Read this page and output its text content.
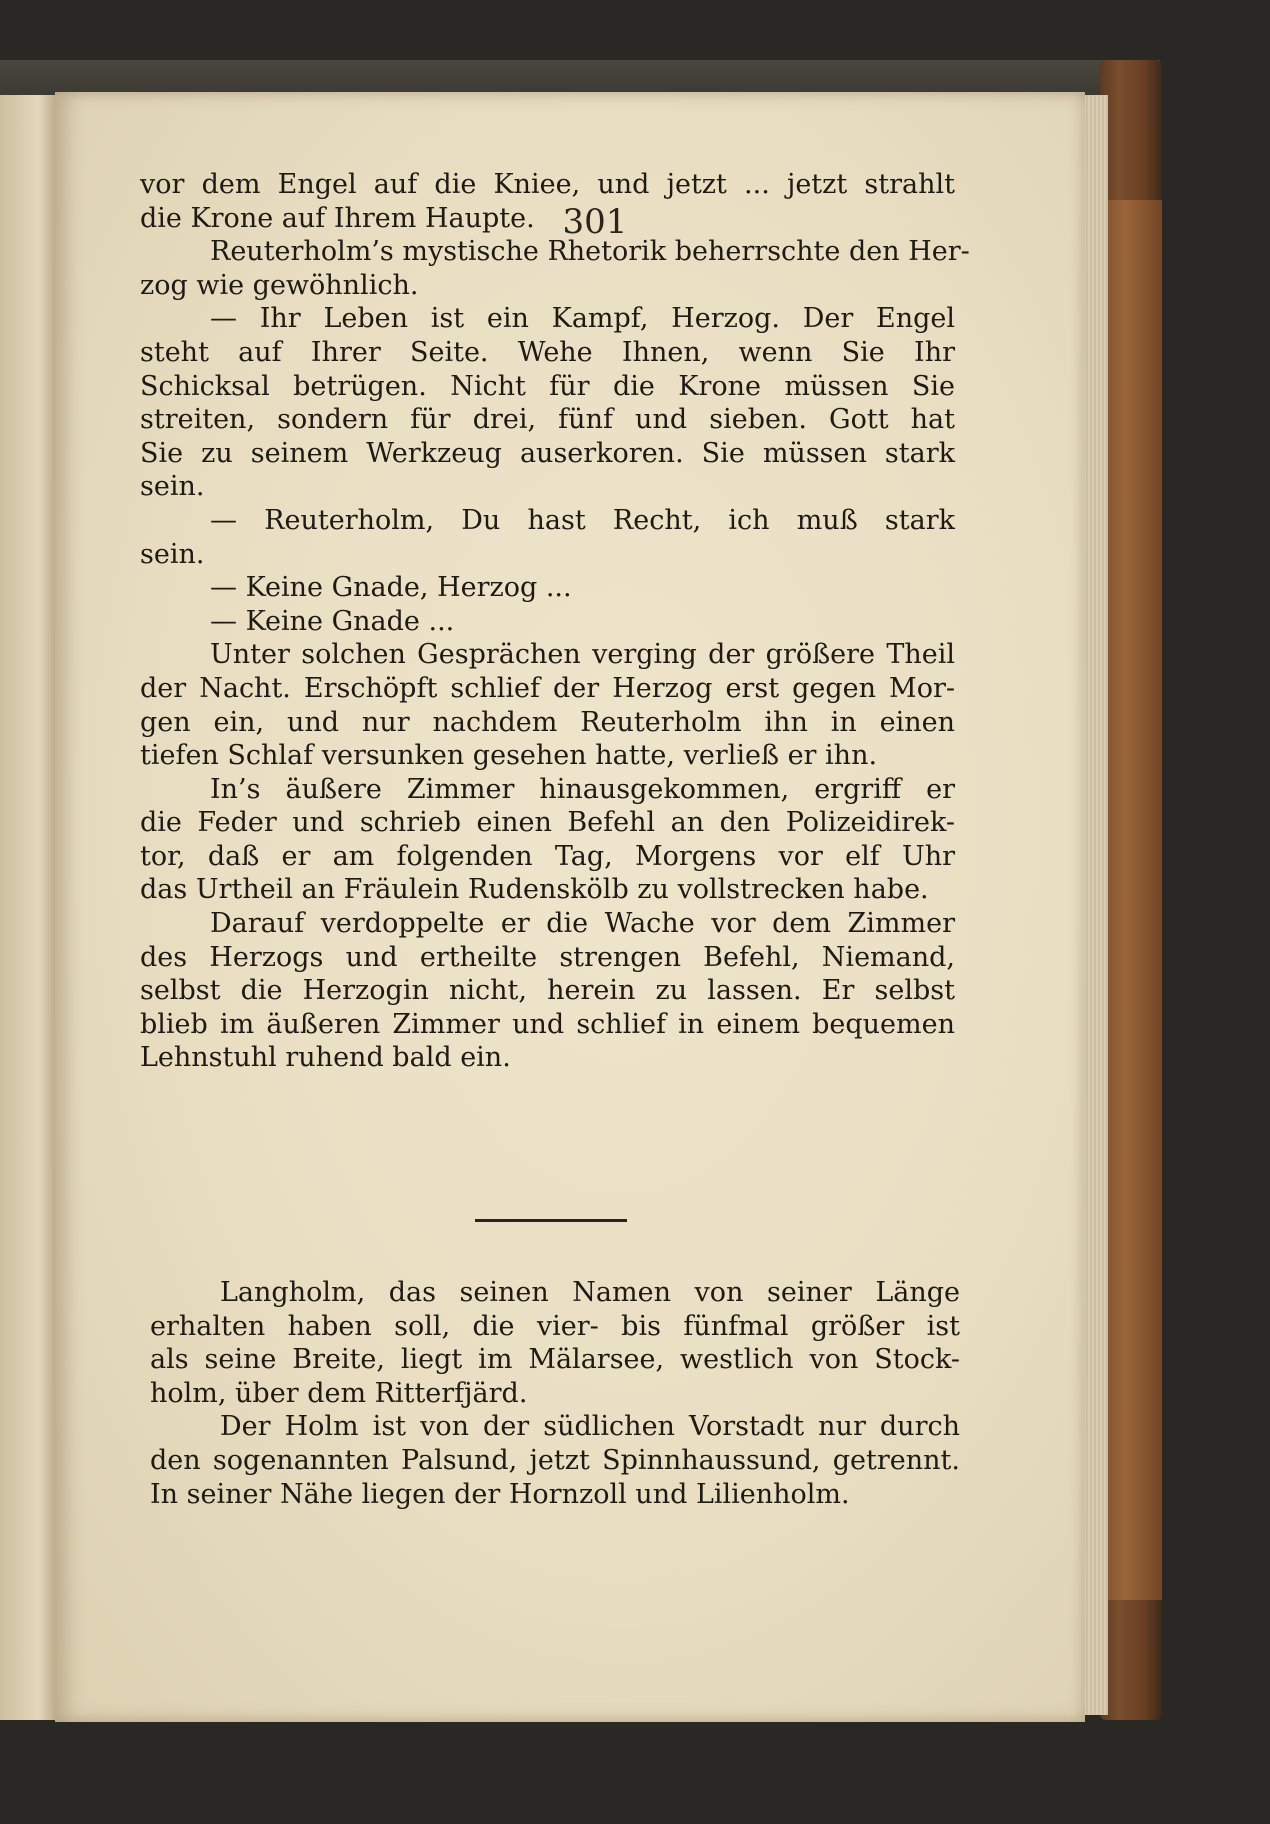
301
vor dem Engel auf die Kniee, und jetzt ... jetzt strahlt
die Krone auf Ihrem Haupte.
Reuterholm’s mystische Rhetorik beherrschte den Her-
zog wie gewöhnlich.
— Ihr Leben ist ein Kampf, Herzog. Der Engel
steht auf Ihrer Seite. Wehe Ihnen, wenn Sie Ihr
Schicksal betrügen. Nicht für die Krone müssen Sie
streiten, sondern für drei, fünf und sieben. Gott hat
Sie zu seinem Werkzeug auserkoren. Sie müssen stark
sein.
— Reuterholm, Du hast Recht, ich muß stark
sein.
— Keine Gnade, Herzog ...
— Keine Gnade ...
Unter solchen Gesprächen verging der größere Theil
der Nacht. Erschöpft schlief der Herzog erst gegen Mor-
gen ein, und nur nachdem Reuterholm ihn in einen
tiefen Schlaf versunken gesehen hatte, verließ er ihn.
In’s äußere Zimmer hinausgekommen, ergriff er
die Feder und schrieb einen Befehl an den Polizeidirek-
tor, daß er am folgenden Tag, Morgens vor elf Uhr
das Urtheil an Fräulein Rudenskölb zu vollstrecken habe.
Darauf verdoppelte er die Wache vor dem Zimmer
des Herzogs und ertheilte strengen Befehl, Niemand,
selbst die Herzogin nicht, herein zu lassen. Er selbst
blieb im äußeren Zimmer und schlief in einem bequemen
Lehnstuhl ruhend bald ein.
Langholm, das seinen Namen von seiner Länge
erhalten haben soll, die vier- bis fünfmal größer ist
als seine Breite, liegt im Mälarsee, westlich von Stock-
holm, über dem Ritterfjärd.
Der Holm ist von der südlichen Vorstadt nur durch
den sogenannten Palsund, jetzt Spinnhaussund, getrennt.
In seiner Nähe liegen der Hornzoll und Lilienholm.
